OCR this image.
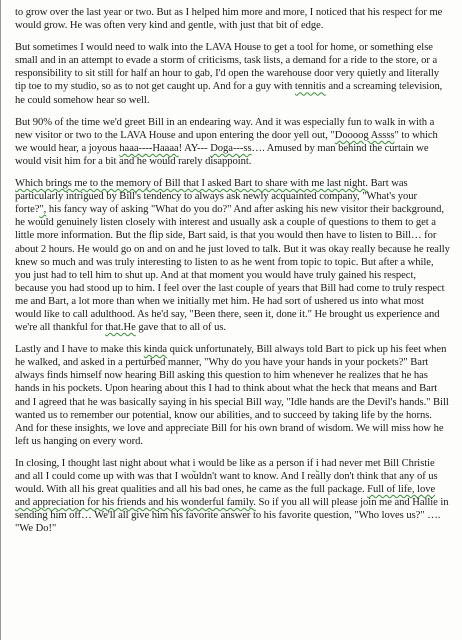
to grow over the last year or two. But as I helped him more and more, I noticed that his respect for me would grow. He was often very kind and gentle, with just that bit of edge.

But sometimes I would need to walk into the LAVA House to get a tool for home, or something else small and in an attempt to evade a storm of criticisms, task lists, a demand for a ride to the store, or a responsibility to sit still for half an hour to gab, I'd open the warehouse door very quietly and literally tip toe to my studio, so as to not get caught up. And for a guy with tennitis and a screaming television, he could somehow hear so well.

But 90% of the time we'd greet Bill in an endearing way. And it was especially fun to walk in with a new visitor or two to the LAVA House and upon entering the door yell out, "Doooog Assss" to which we would hear, a joyous haaa----Haaaa! AY--- Doga---ss…. Amused by man behind the curtain we would visit him for a bit and he would rarely disappoint.

Which brings me to the memory of Bill that I asked Bart to share with me last night. Bart was particularly intrigued by Bill's tendency to always ask newly acquainted company, "What's your forte?", his fancy way of asking "What do you do?" And after asking his new visitor their background, he would genuinely listen closely with interest and usually ask a couple of questions to them to get a little more information. But the flip side, Bart said, is that you would then have to listen to Bill… for about 2 hours. He would go on and on and he just loved to talk. But it was okay really because he really knew so much and was truly interesting to listen to as he went from topic to topic. But after a while, you just had to tell him to shut up. And at that moment you would have truly gained his respect, because you had stood up to him. I feel over the last couple of years that Bill had come to truly respect me and Bart, a lot more than when we initially met him. He had sort of ushered us into what most would like to call adulthood. As he'd say, "Been there, seen it, done it." He brought us experience and we're all thankful for that.He gave that to all of us.

Lastly and I have to make this kinda quick unfortunately, Bill always told Bart to pick up his feet when he walked, and asked in a perturbed manner, "Why do you have your hands in your pockets?" Bart always finds himself now hearing Bill asking this question to him whenever he realizes that he has hands in his pockets. Upon hearing about this I had to think about what the heck that means and Bart and I agreed that he was basically saying in his special Bill way, "Idle hands are the Devil's hands." Bill wanted us to remember our potential, know our abilities, and to succeed by taking life by the horns. And for these insights, we love and appreciate Bill for his own brand of wisdom. We will miss how he left us hanging on every word.

In closing, I thought last night about what i would be like as a person if i had never met Bill Christie and all I could come up with was that I wouldn't want to know. And I really don't think that any of us would. With all his great qualities and all his bad ones, he came as the full package. Full of life, love and appreciation for his friends and his wonderful family. So if you all will please join me and Hallie in sending him off… We'll all give him his favorite answer to his favorite question, "Who loves us?" …. "We Do!"
